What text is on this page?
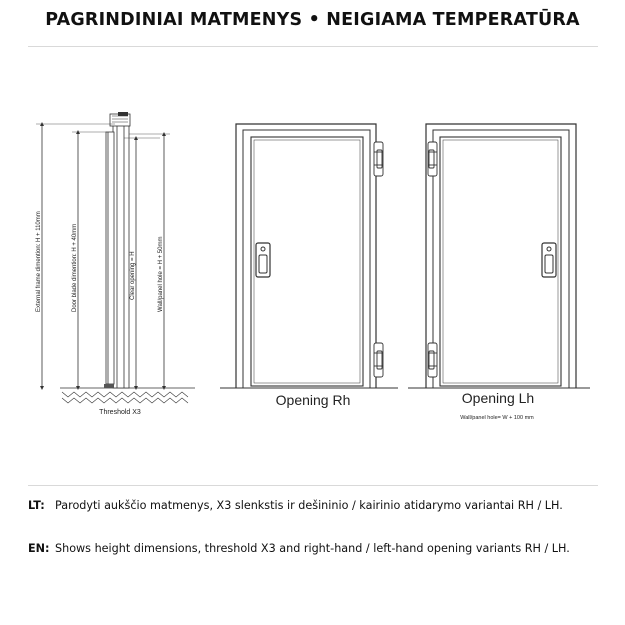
PAGRINDINIAI MATMENYS • NEIGIAMA TEMPERATŪRA
External frame dimention: H + 110mm	Door blade dimention: H + 40mm	Clear opening = H	Wall/panel hole = H + 50mm
Threshold X3
Opening Rh	Opening Lh
Wall/panel hole= W + 100 mm
LT: Parodyti aukščio matmenys, X3 slenkstis ir dešininio / kairinio atidarymo variantai RH / LH.
EN: Shows height dimensions, threshold X3 and right-hand / left-hand opening variants RH / LH.
